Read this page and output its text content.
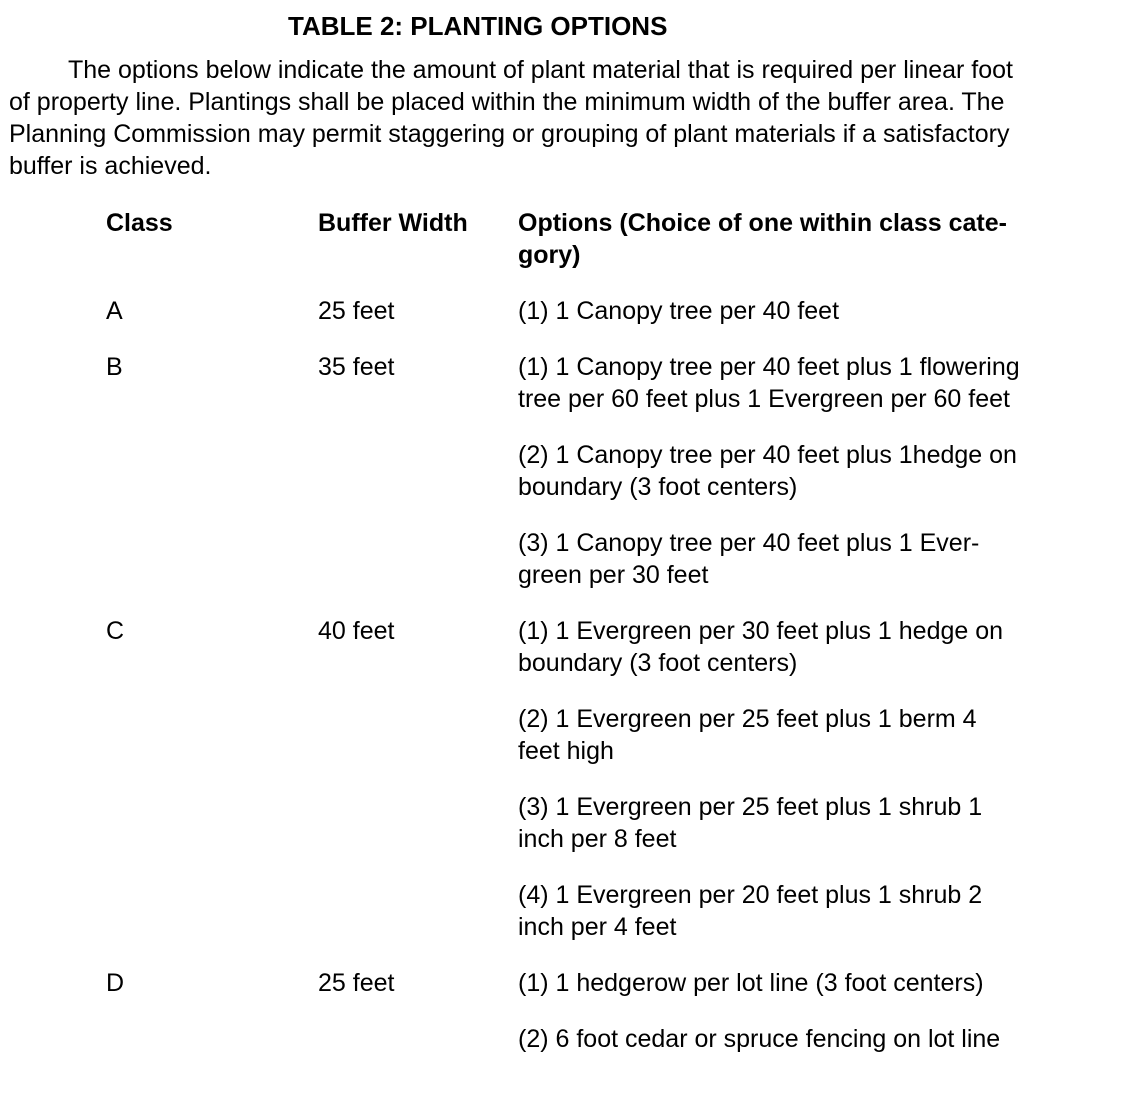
TABLE 2: PLANTING OPTIONS
The options below indicate the amount of plant material that is required per linear foot
of property line. Plantings shall be placed within the minimum width of the buffer area. The
Planning Commission may permit staggering or grouping of plant materials if a satisfactory
buffer is achieved.
Class	Buffer Width	Options (Choice of one within class cate-
gory)
A	25 feet	(1) 1 Canopy tree per 40 feet
B	35 feet	(1) 1 Canopy tree per 40 feet plus 1 flowering
tree per 60 feet plus 1 Evergreen per 60 feet
(2) 1 Canopy tree per 40 feet plus 1hedge on
boundary (3 foot centers)
(3) 1 Canopy tree per 40 feet plus 1 Ever-
green per 30 feet
C	40 feet	(1) 1 Evergreen per 30 feet plus 1 hedge on
boundary (3 foot centers)
(2) 1 Evergreen per 25 feet plus 1 berm 4
feet high
(3) 1 Evergreen per 25 feet plus 1 shrub 1
inch per 8 feet
(4) 1 Evergreen per 20 feet plus 1 shrub 2
inch per 4 feet
D	25 feet	(1) 1 hedgerow per lot line (3 foot centers)
(2) 6 foot cedar or spruce fencing on lot line
